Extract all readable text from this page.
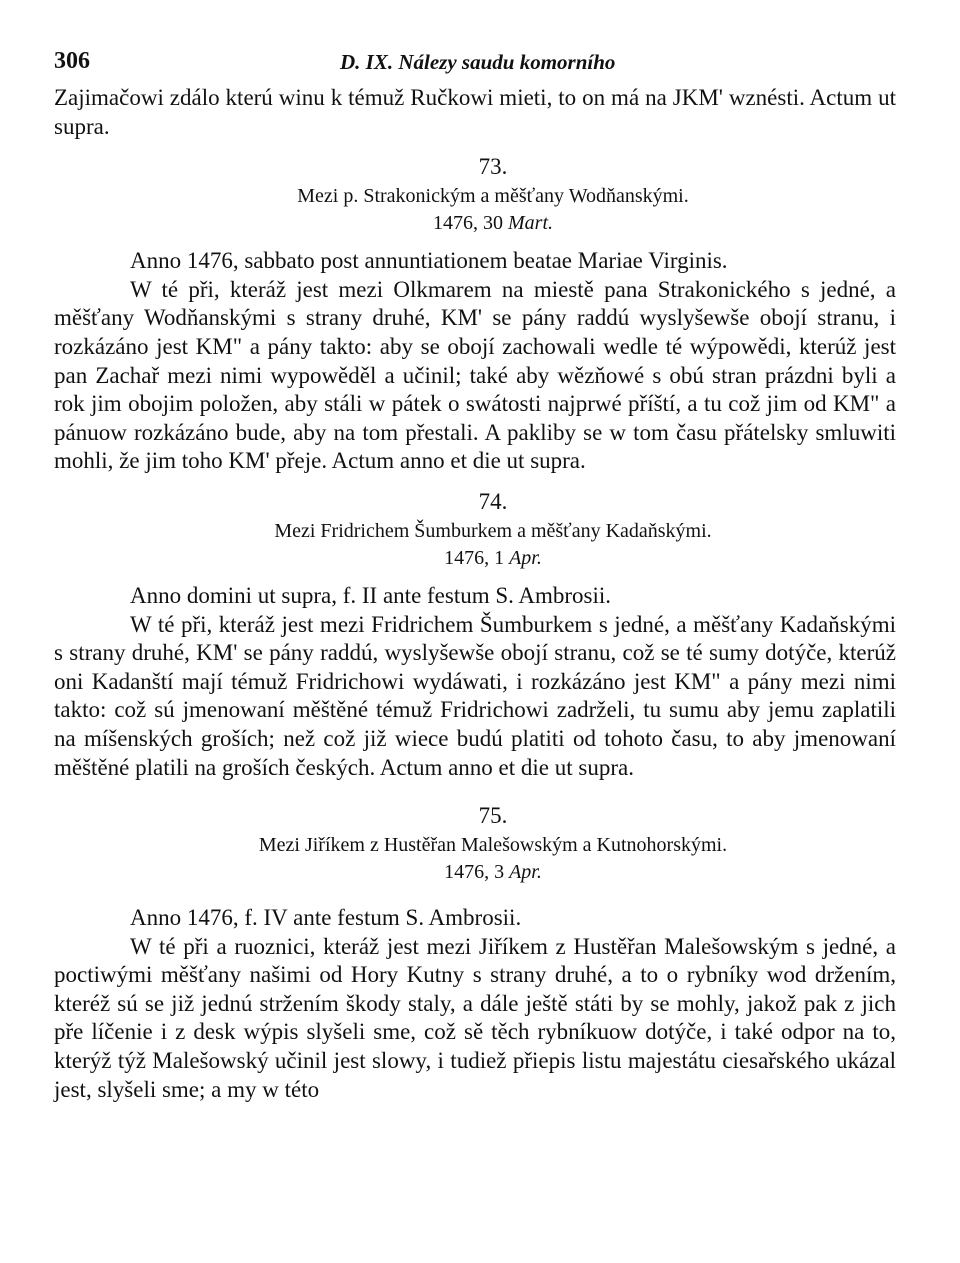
306	D. IX. Nálezy saudu komorního

Zajimačowi zdálo kterú winu k témuž Ručkowi mieti, to on má na JKM' wznésti. Actum ut supra.

73.

Mezi p. Strakonickým a měšťany Wodňanskými.

1476, 30 Mart.

Anno 1476, sabbato post annuntiationem beatae Mariae Virginis.

W té při, kteráž jest mezi Olkmarem na miestě pana Strakonického s jedné, a měšťany Wodňanskými s strany druhé, KM' se pány raddú wyslyšewše obojí stranu, i rozkázáno jest KM" a pány takto: aby se obojí zachowali wedle té wýpowědi, kterúž jest pan Zachař mezi nimi wypowěděl a učinil; také aby wězňowé s obú stran prázdni byli a rok jim obojim položen, aby stáli w pátek o swátosti najprwé příští, a tu což jim od KM" a pánuow rozkázáno bude, aby na tom přestali. A pakliby se w tom času přátelsky smluwiti mohli, že jim toho KM' přeje. Actum anno et die ut supra.

74.

Mezi Fridrichem Šumburkem a měšťany Kadaňskými.

1476, 1 Apr.

Anno domini ut supra, f. II ante festum S. Ambrosii.

W té při, kteráž jest mezi Fridrichem Šumburkem s jedné, a měšťany Kadaňskými s strany druhé, KM' se pány raddú, wyslyšewše obojí stranu, což se té sumy dotýče, kterúž oni Kadanští mají témuž Fridrichowi wydáwati, i rozkázáno jest KM" a pány mezi nimi takto: což sú jmenowaní měštěné témuž Fridrichowi zadrželi, tu sumu aby jemu zaplatili na míšenských groších; než což již wiece budú platiti od tohoto času, to aby jmenowaní měštěné platili na groších českých. Actum anno et die ut supra.

75.

Mezi Jiříkem z Hustěřan Malešowským a Kutnohorskými.

1476, 3 Apr.

Anno 1476, f. IV ante festum S. Ambrosii.

W té při a ruoznici, kteráž jest mezi Jiříkem z Hustěřan Malešowským s jedné, a poctiwými měšťany našimi od Hory Kutny s strany druhé, a to o rybníky wod držením, kteréž sú se již jednú stržením škody staly, a dále ještě státi by se mohly, jakož pak z jich pře líčenie i z desk wýpis slyšeli sme, což sě těch rybníkuow dotýče, i také odpor na to, kterýž týž Malešowský učinil jest slowy, i tudiež přiepis listu majestátu ciesařského ukázal jest, slyšeli sme; a my w této
